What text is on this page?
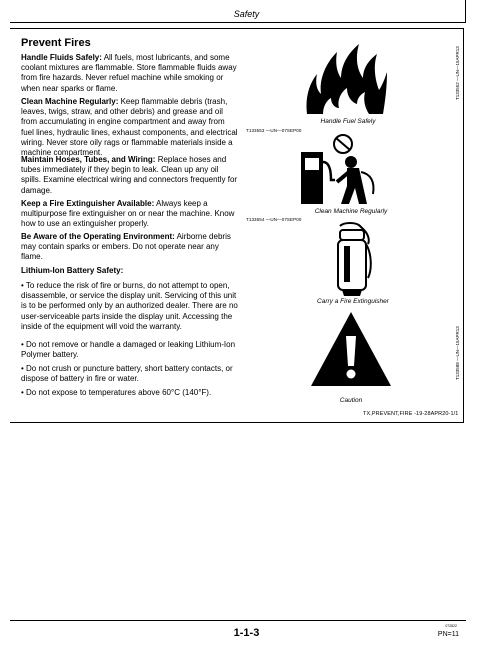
Safety
Prevent Fires
Handle Fluids Safely: All fuels, most lubricants, and some coolant mixtures are flammable. Store flammable fluids away from fire hazards. Never refuel machine while smoking or when near sparks or flame.
Clean Machine Regularly: Keep flammable debris (trash, leaves, twigs, straw, and other debris) and grease and oil from accumulating in engine compartment and away from fuel lines, hydraulic lines, exhaust components, and electrical wiring. Never store oily rags or flammable materials inside a machine compartment.
Maintain Hoses, Tubes, and Wiring: Replace hoses and tubes immediately if they begin to leak. Clean up any oil spills. Examine electrical wiring and connectors frequently for damage.
Keep a Fire Extinguisher Available: Always keep a multipurpose fire extinguisher on or near the machine. Know how to use an extinguisher properly.
Be Aware of the Operating Environment: Airborne debris may contain sparks or embers. Do not operate near any flame.
Lithium-Ion Battery Safety:
• To reduce the risk of fire or burns, do not attempt to open, disassemble, or service the display unit. Servicing of this unit is to be performed only by an authorized dealer. There are no user-serviceable parts inside the display unit. Accessing the inside of the equipment will void the warranty.
• Do not remove or handle a damaged or leaking Lithium-Ion Polymer battery.
• Do not crush or puncture battery, short battery contacts, or dispose of battery in fire or water.
• Do not expose to temperatures above 60°C (140°F).
Handle Fuel Safely
T133552 —UN—15APR13
T133553 —UN—07SEP00
Clean Machine Regularly
T133554 —UN—07SEP00
Carry a Fire Extinguisher
Caution
T133588 —UN—15APR13
TX,PREVENT,FIRE -19-28APR20-1/1
1-1-3
072822
PN=11
